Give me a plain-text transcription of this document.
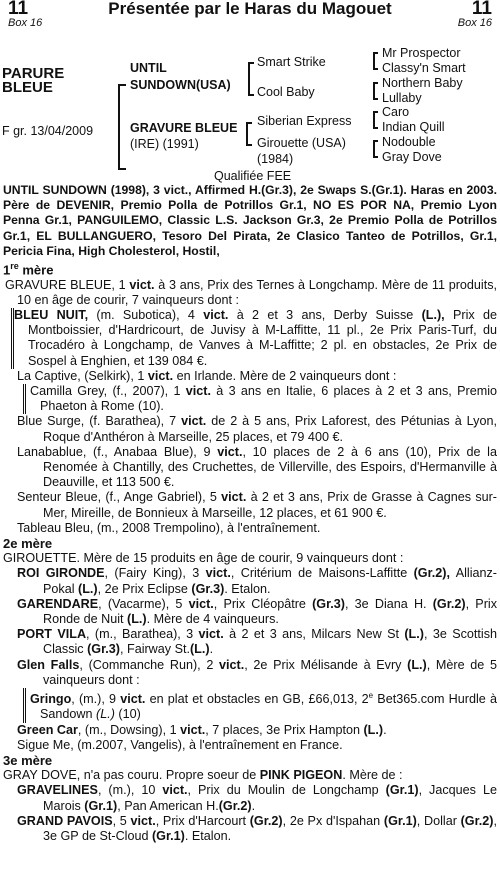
11	Présentée par le Haras du Magouet	11
Box 16	Box 16
PARURE BLEUE
F gr. 13/04/2009
UNTIL SUNDOWN(USA)
GRAVURE BLEUE
(IRE) (1991)
Smart Strike
Cool Baby
Siberian Express
Girouette (USA)
(1984)
Mr Prospector
Classy'n Smart
Northern Baby
Lullaby
Caro
Indian Quill
Nodouble
Gray Dove
Qualifiée FEE

UNTIL SUNDOWN (1998), 3 vict., Affirmed H.(Gr.3), 2e Swaps S.(Gr.1). Haras en 2003. Père de DEVENIR, Premio Polla de Potrillos Gr.1, NO ES POR NA, Premio Lyon Penna Gr.1, PANGUILEMO, Classic L.S. Jackson Gr.3, 2e Premio Polla de Potrillos Gr.1, EL BULLANGUERO, Tesoro Del Pirata, 2e Clasico Tanteo de Potrillos, Gr.1, Pericia Fina, High Cholesterol, Hostil,

1re mère

GRAVURE BLEUE, 1 vict. à 3 ans, Prix des Ternes à Longchamp. Mère de 11 produits, 10 en âge de courir, 7 vainqueurs dont :

BLEU NUIT, (m. Subotica), 4 vict. à 2 et 3 ans, Derby Suisse (L.), Prix de Montboissier, d'Hardricourt, de Juvisy à M-Laffitte, 11 pl., 2e Prix Paris-Turf, du Trocadéro à Longchamp, de Vanves à M-Laffitte; 2 pl. en obstacles, 2e Prix de Sospel à Enghien, et 139 084 €.

La Captive, (Selkirk), 1 vict. en Irlande. Mère de 2 vainqueurs dont :

Camilla Grey, (f., 2007), 1 vict. à 3 ans en Italie, 6 places à 2 et 3 ans, Premio Phaeton à Rome (10).

Blue Surge, (f. Barathea), 7 vict. de 2 à 5 ans, Prix Laforest, des Pétunias à Lyon, Roque d'Anthéron à Marseille, 25 places, et 79 400 €.

Lanabablue, (f., Anabaa Blue), 9 vict., 10 places de 2 à 6 ans (10), Prix de la Renomée à Chantilly, des Cruchettes, de Villerville, des Espoirs, d'Hermanville à Deauville, et 113 500 €.

Senteur Bleue, (f., Ange Gabriel), 5 vict. à 2 et 3 ans, Prix de Grasse à Cagnes sur-Mer, Mireille, de Bonnieux à Marseille, 12 places, et 61 900 €.

Tableau Bleu, (m., 2008 Trempolino), à l'entraînement.

2e mère

GIROUETTE. Mère de 15 produits en âge de courir, 9 vainqueurs dont :

ROI GIRONDE, (Fairy King), 3 vict., Critérium de Maisons-Laffitte (Gr.2), Allianz-Pokal (L.), 2e Prix Eclipse (Gr.3). Etalon.

GARENDARE, (Vacarme), 5 vict., Prix Cléopâtre (Gr.3), 3e Diana H. (Gr.2), Prix Ronde de Nuit (L.). Mère de 4 vainqueurs.

PORT VILA, (m., Barathea), 3 vict. à 2 et 3 ans, Milcars New St (L.), 3e Scottish Classic (Gr.3), Fairway St.(L.).

Glen Falls, (Commanche Run), 2 vict., 2e Prix Mélisande à Evry (L.), Mère de 5 vainqueurs dont :

Gringo, (m.), 9 vict. en plat et obstacles en GB, £66,013, 2e Bet365.com Hurdle à Sandown (L.) (10)

Green Car, (m., Dowsing), 1 vict., 7 places, 3e Prix Hampton (L.).

Sigue Me, (m.2007, Vangelis), à l'entraînement en France.

3e mère

GRAY DOVE, n'a pas couru. Propre soeur de PINK PIGEON. Mère de :

GRAVELINES, (m.), 10 vict., Prix du Moulin de Longchamp (Gr.1), Jacques Le Marois (Gr.1), Pan American H.(Gr.2).

GRAND PAVOIS, 5 vict., Prix d'Harcourt (Gr.2), 2e Px d'Ispahan (Gr.1), Dollar (Gr.2), 3e GP de St-Cloud (Gr.1). Etalon.
